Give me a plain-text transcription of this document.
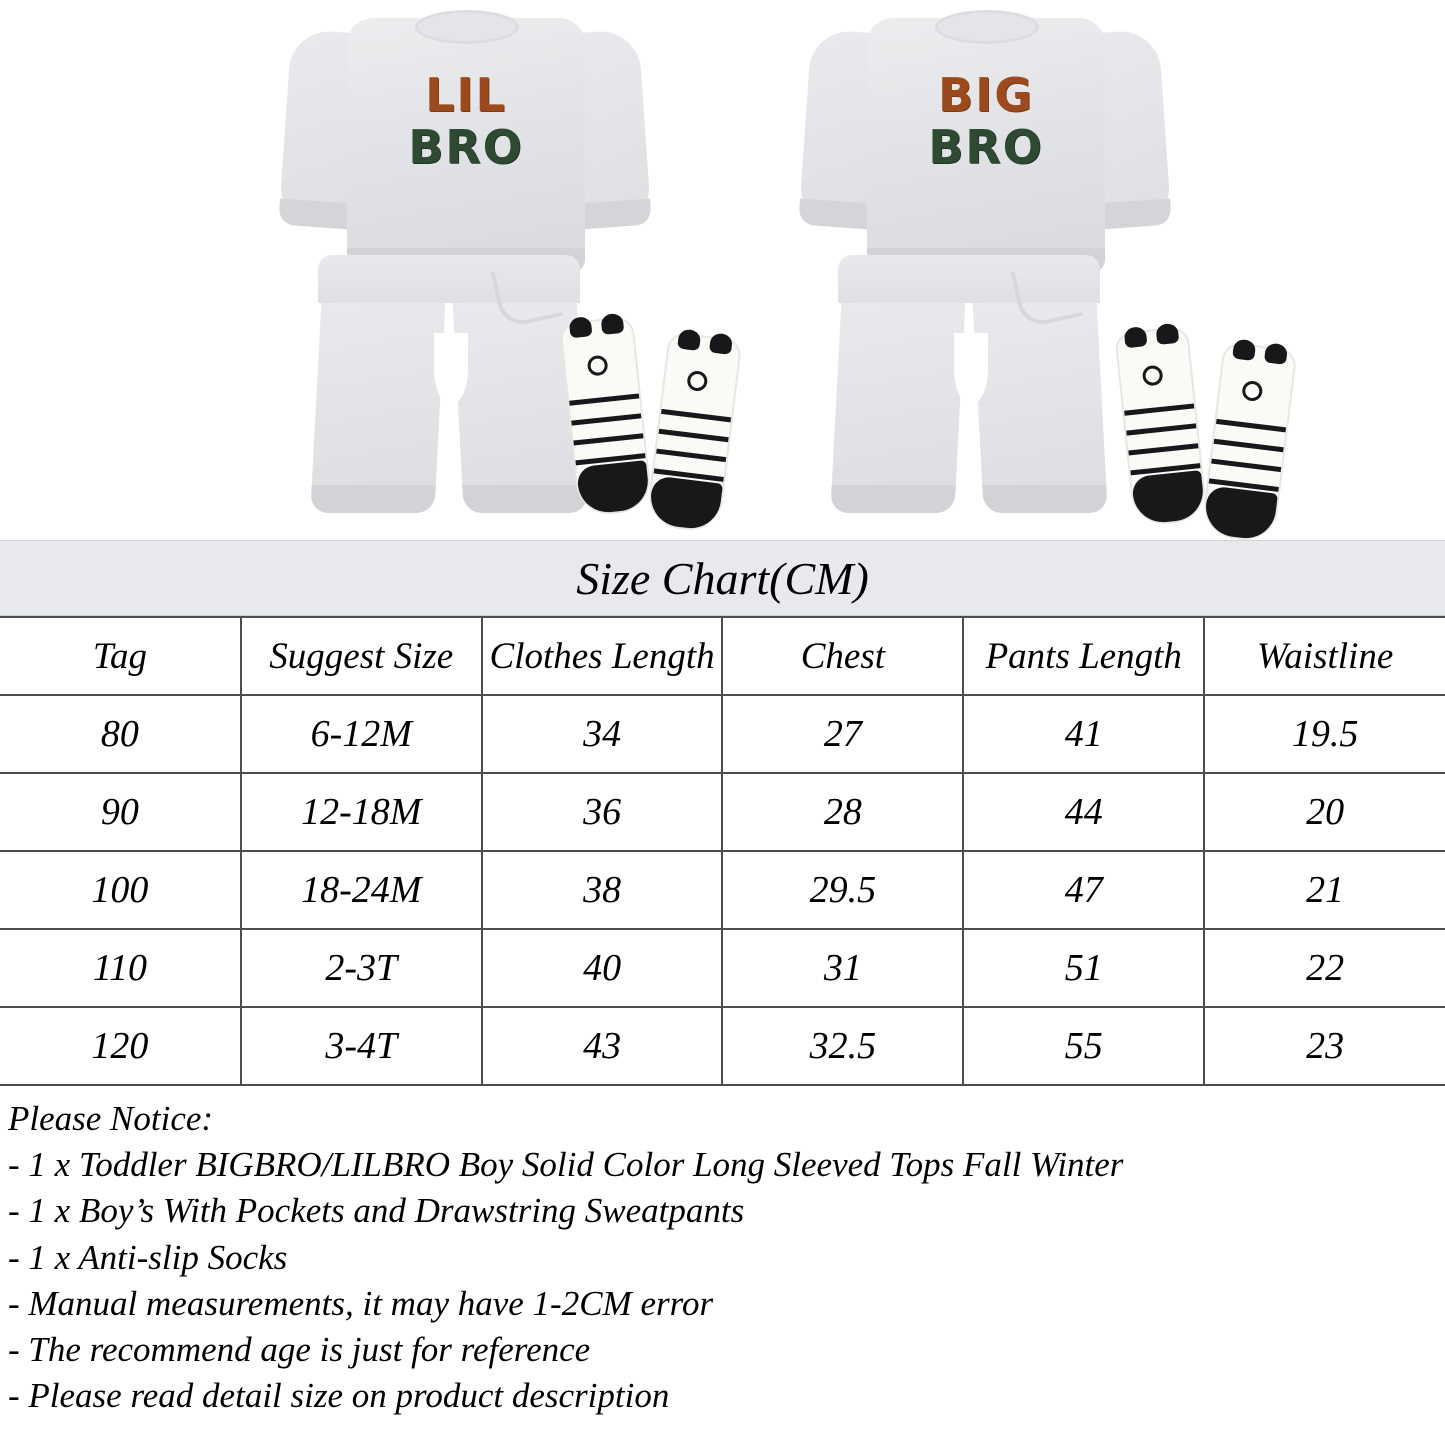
LIL
BRO
BIG
BRO
Size Chart(CM)
Tag	Suggest Size	Clothes Length	Chest	Pants Length	Waistline
80	6-12M	34	27	41	19.5
90	12-18M	36	28	44	20
100	18-24M	38	29.5	47	21
110	2-3T	40	31	51	22
120	3-4T	43	32.5	55	23
Please Notice:
- 1 x Toddler BIGBRO/LILBRO Boy Solid Color Long Sleeved Tops Fall Winter
- 1 x Boy’s With Pockets and Drawstring Sweatpants
- 1 x Anti-slip Socks
- Manual measurements, it may have 1-2CM error
- The recommend age is just for reference
- Please read detail size on product description
